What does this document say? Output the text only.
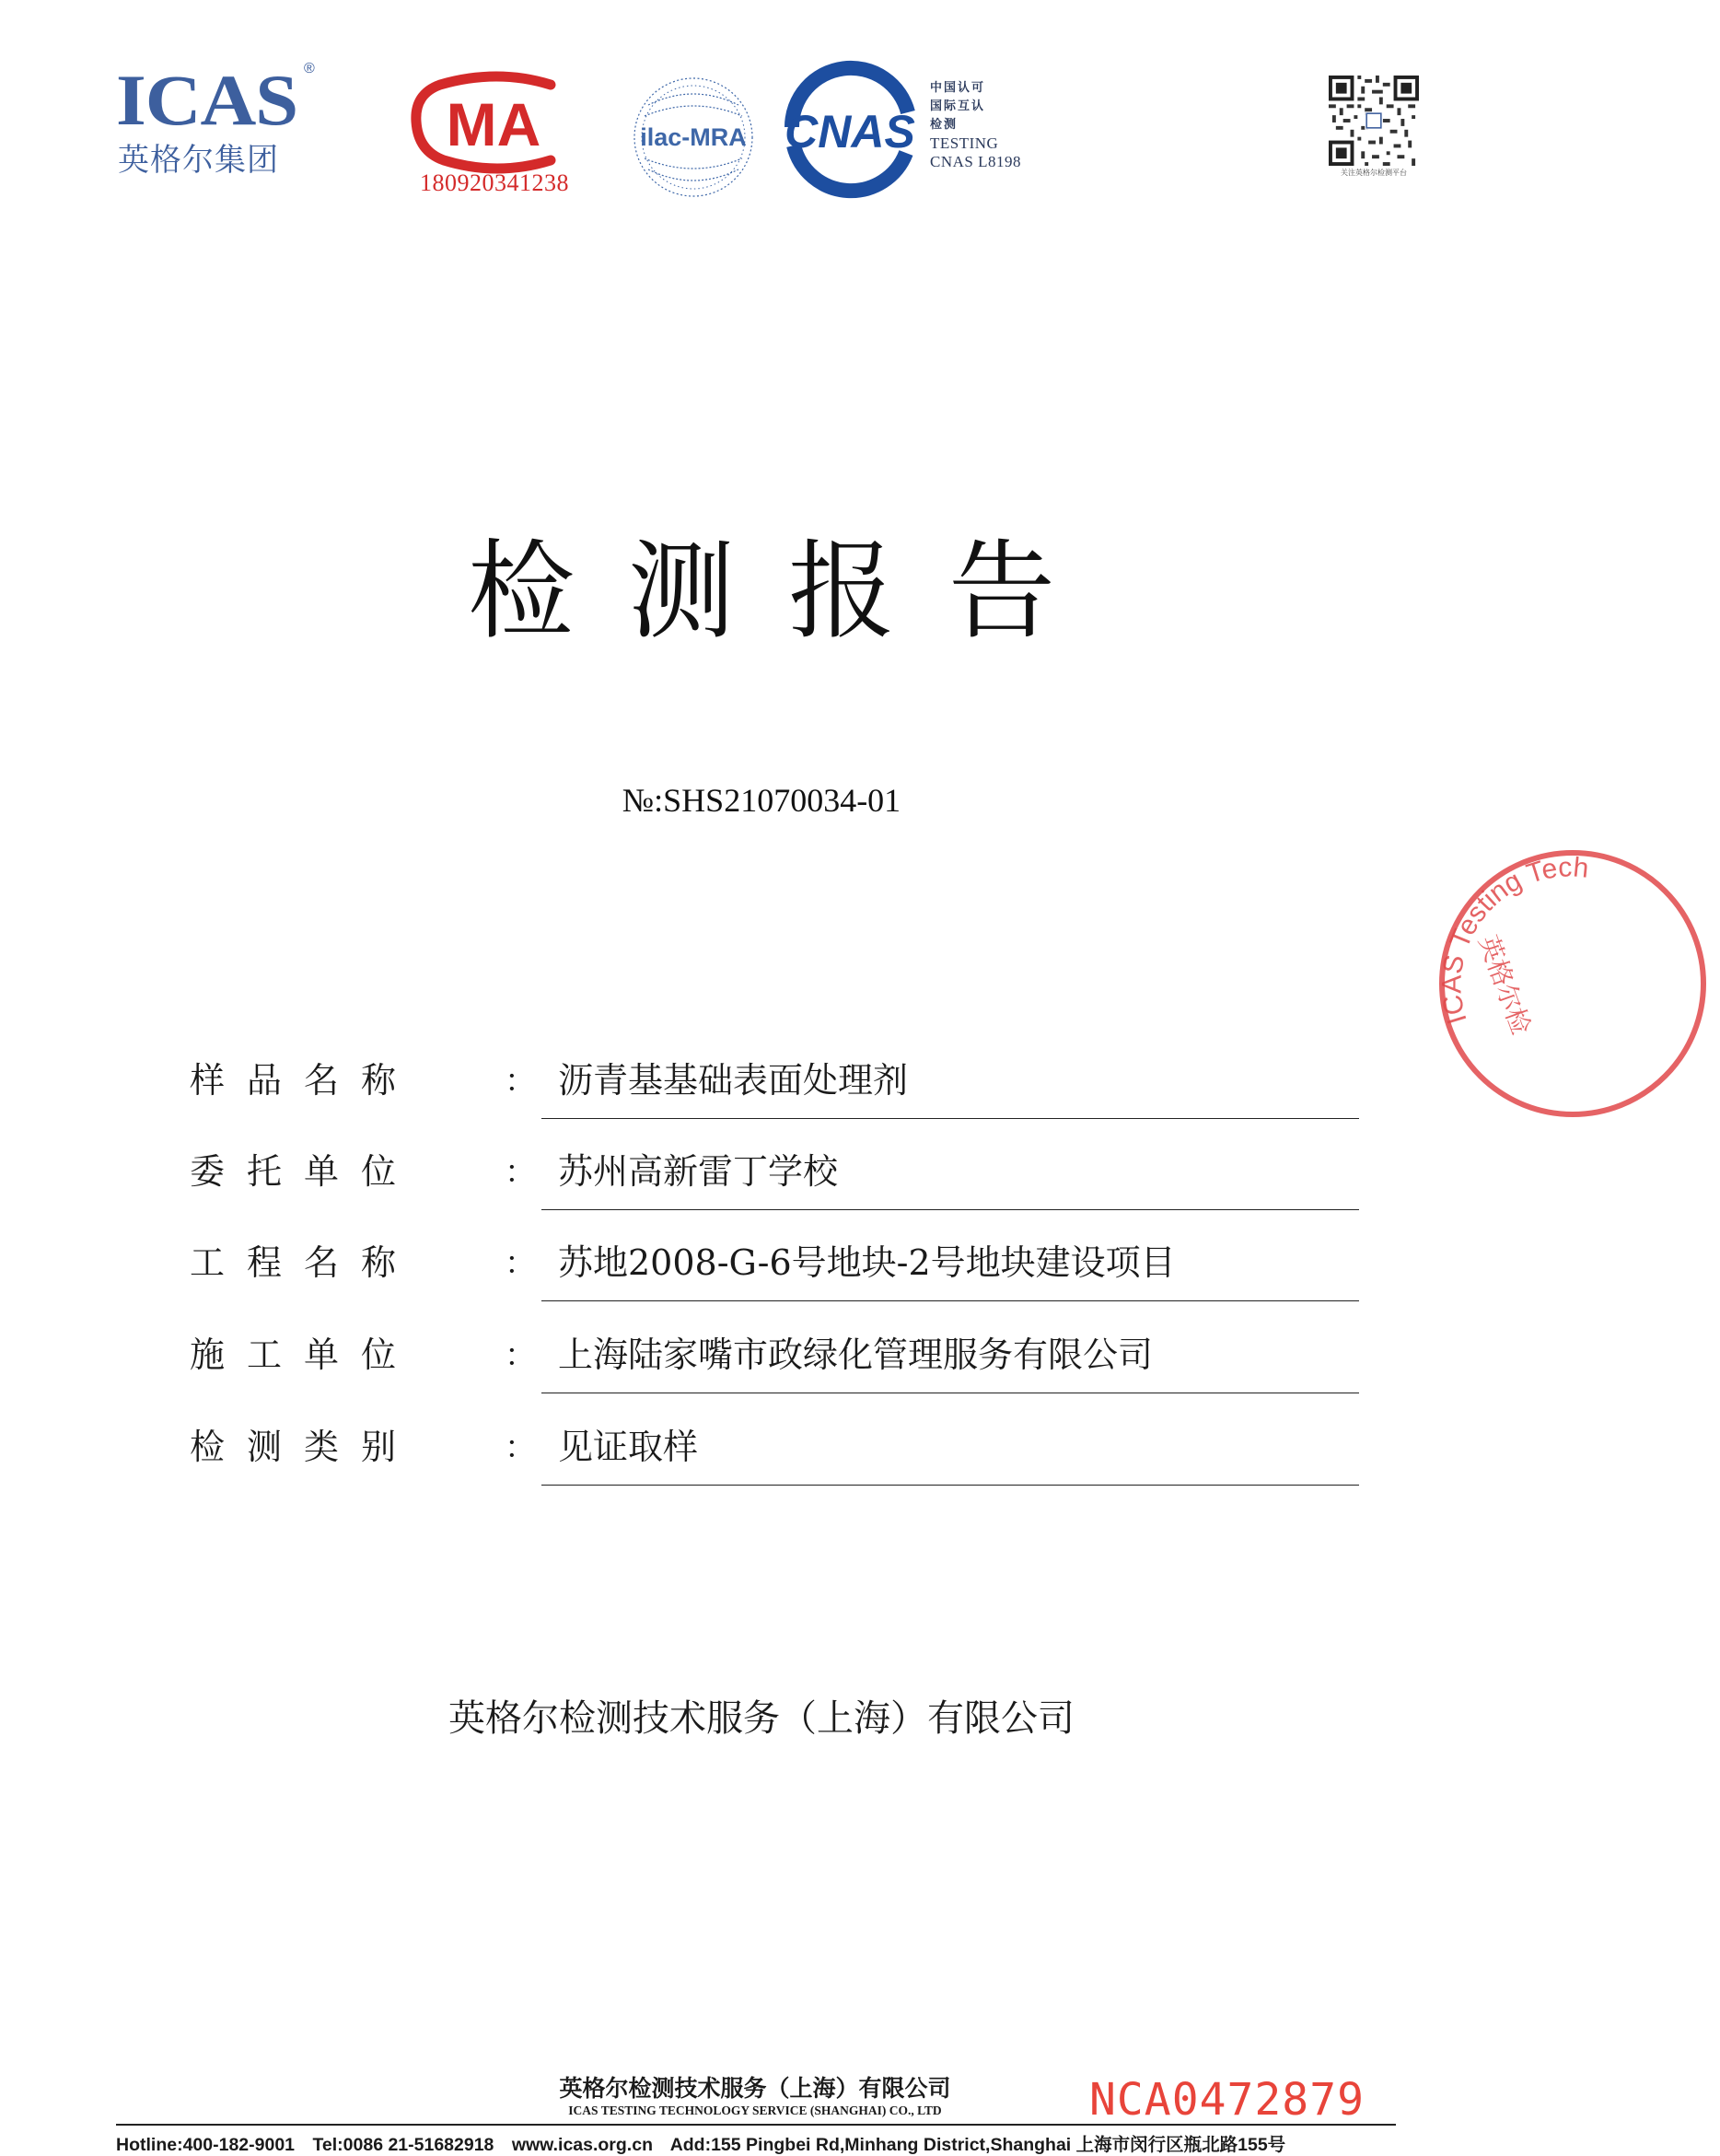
ICAS ®
英格尔集团
MA
180920341238
ilac-MRA CNAS
中国认可
国际互认
检测
TESTING
CNAS L8198
关注英格尔检测平台
检测报告
№:SHS21070034-01
样品名称	： 沥青基基础表面处理剂
委托单位	： 苏州高新雷丁学校
工程名称	： 苏地2008-G-6号地块-2号地块建设项目
施工单位	： 上海陆家嘴市政绿化管理服务有限公司
检测类别	： 见证取样
英格尔检测技术服务（上海）有限公司
ICAS Testing Tech
英格尔检
英格尔检测技术服务（上海）有限公司
ICAS TESTING TECHNOLOGY SERVICE (SHANGHAI) CO., LTD	NCA0472879
Hotline:400-182-9001 Tel:0086 21-51682918 www.icas.org.cn Add:155 Pingbei Rd,Minhang District,Shanghai 上海市闵行区瓶北路155号
